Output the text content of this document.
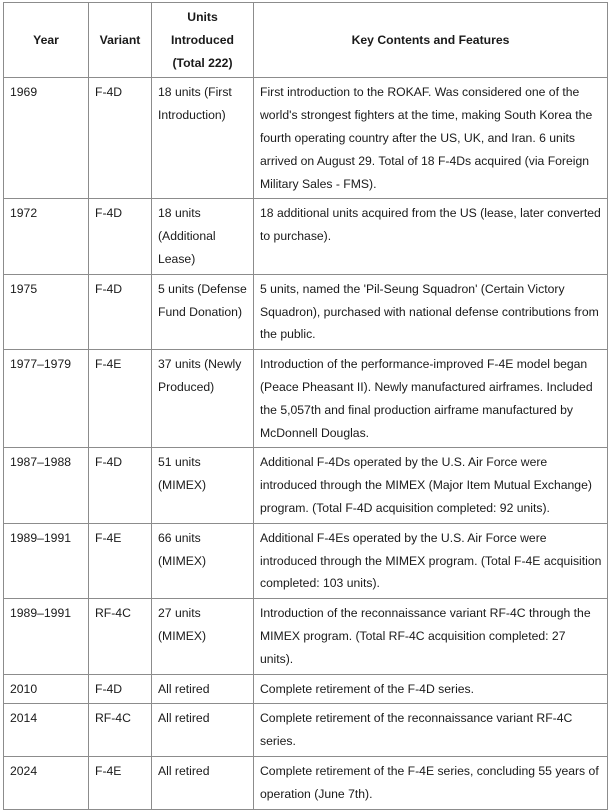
Year	Variant	Units Introduced (Total 222)	Key Contents and Features
1969	F-4D	18 units (First Introduction)	First introduction to the ROKAF. Was considered one of the world's strongest fighters at the time, making South Korea the fourth operating country after the US, UK, and Iran. 6 units arrived on August 29. Total of 18 F-4Ds acquired (via Foreign Military Sales - FMS).
1972	F-4D	18 units (Additional Lease)	18 additional units acquired from the US (lease, later converted to purchase).
1975	F-4D	5 units (Defense Fund Donation)	5 units, named the 'Pil-Seung Squadron' (Certain Victory Squadron), purchased with national defense contributions from the public.
1977–1979	F-4E	37 units (Newly Produced)	Introduction of the performance-improved F-4E model began (Peace Pheasant II). Newly manufactured airframes. Included the 5,057th and final production airframe manufactured by McDonnell Douglas.
1987–1988	F-4D	51 units (MIMEX)	Additional F-4Ds operated by the U.S. Air Force were introduced through the MIMEX (Major Item Mutual Exchange) program. (Total F-4D acquisition completed: 92 units).
1989–1991	F-4E	66 units (MIMEX)	Additional F-4Es operated by the U.S. Air Force were introduced through the MIMEX program. (Total F-4E acquisition completed: 103 units).
1989–1991	RF-4C	27 units (MIMEX)	Introduction of the reconnaissance variant RF-4C through the MIMEX program. (Total RF-4C acquisition completed: 27 units).
2010	F-4D	All retired	Complete retirement of the F-4D series.
2014	RF-4C	All retired	Complete retirement of the reconnaissance variant RF-4C series.
2024	F-4E	All retired	Complete retirement of the F-4E series, concluding 55 years of operation (June 7th).
